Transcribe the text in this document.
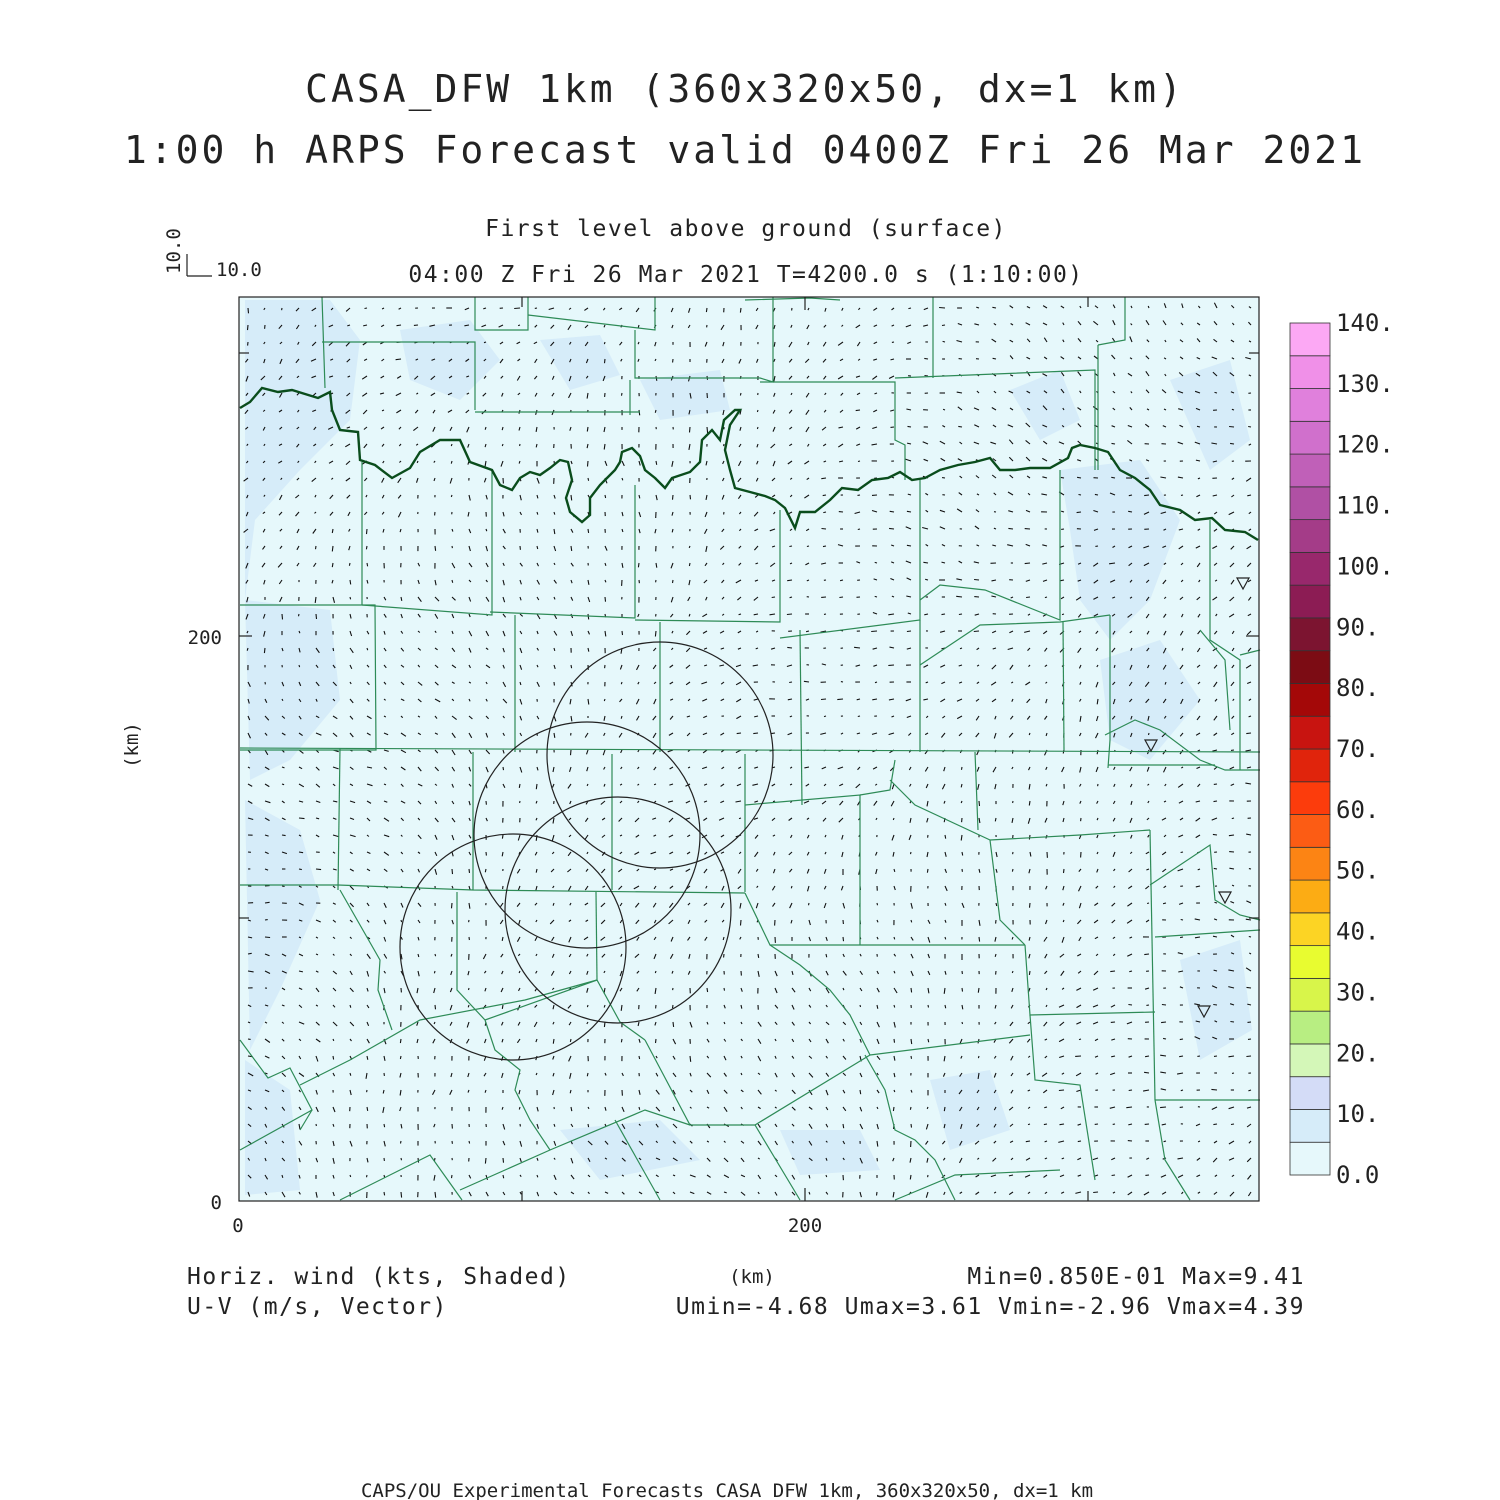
CASA_DFW 1km (360x320x50, dx=1 km)
1:00 h ARPS Forecast valid 0400Z Fri 26 Mar 2021
First level above ground (surface)
04:00 Z Fri 26 Mar 2021 T=4200.0 s (1:10:00)
10.0
10.0
200
0
0	200
(km)
(km)
0.0
10.
20.
30.
40.
50.
60.
70.
80.
90.
100.
110.
120.
130.
140.
Horiz. wind (kts, Shaded)
U-V (m/s, Vector)
Min=0.850E-01 Max=9.41
Umin=-4.68 Umax=3.61 Vmin=-2.96 Vmax=4.39
CAPS/OU Experimental Forecasts CASA DFW 1km, 360x320x50, dx=1 km
